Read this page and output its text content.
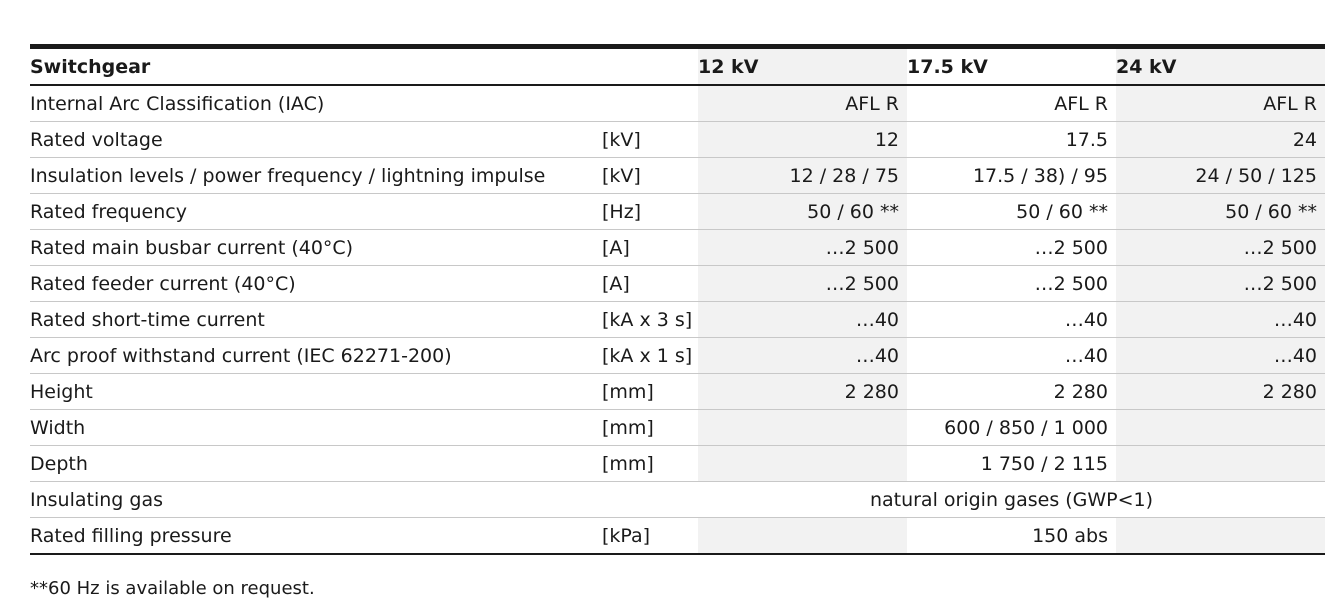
Switchgear		12 kV	17.5 kV	24 kV
Internal Arc Classification (IAC)		AFL R	AFL R	AFL R
Rated voltage	[kV]	12	17.5	24
Insulation levels / power frequency / lightning impulse	[kV]	12 / 28 / 75	17.5 / 38) / 95	24 / 50 / 125
Rated frequency	[Hz]	50 / 60 **	50 / 60 **	50 / 60 **
Rated main busbar current (40°C)	[A]	…2 500	…2 500	…2 500
Rated feeder current (40°C)	[A]	…2 500	…2 500	…2 500
Rated short-time current	[kA x 3 s]	…40	…40	…40
Arc proof withstand current (IEC 62271-200)	[kA x 1 s]	…40	…40	…40
Height	[mm]	2 280	2 280	2 280
Width	[mm]		600 / 850 / 1 000	
Depth	[mm]		1 750 / 2 115	
Insulating gas		natural origin gases (GWP<1)		
Rated filling pressure	[kPa]		150 abs	
**60 Hz is available on request.
